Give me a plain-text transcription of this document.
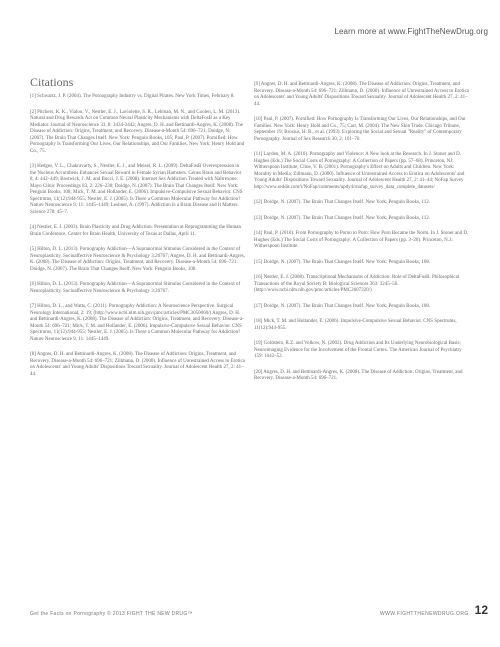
Learn more at www.FightTheNewDrug.org
Citations

[1] Schwartz, J. P. (2004). The Pornography Industry vs. Digital Pirates. New York Times, February 8.

[2] Pitchers, K. K., Vialou, V., Nestler, E. J., Laviolette, S. R., Lehman, M. N., and Coolen, L. M. (2013). Natural and Drug Rewards Act on Common Neural Plasticity Mechanisms with DeltaFosB as a Key Mediator. Journal of Neuroscience 33, 8: 3434-3442; Angres, D. H. and Bettinardi-Angres, K. (2008). The Disease of Addiction: Origins, Treatment, and Recovery. Disease-a-Month 54: 696–721; Doidge, N. (2007). The Brain That Changes Itself. New York: Penguin Books, 105; Paul, P. (2007). Pornified: How Pornography Is Transforming Our Lives, Our Relationships, and Our Families. New York: Henry Hold and Co., 75.

[3] Hedges, V. L., Chakravarty, S., Nestler, E. J., and Meisel, R. L. (2009). DeltaFosB Overexpression in the Nucleus Accumbens Enhances Sexual Reward in Female Syrian Hamsters. Genes Brain and Behavior 8, 4: 442–449; Bostwick, J. M. and Bucci, J. E. (2008). Internet Sex Addiction Treated with Naltrexone. Mayo Clinic Proceedings 83, 2: 226–230; Doidge, N. (2007). The Brain That Changes Itself. New York: Penguin Books, 108; Mick, T. M. and Hollander, E. (2006). Impulsive-Compulsive Sexual Behavior. CNS Spectrums, 11(12):944-955; Nestler, E. J. (2005). Is There a Common Molecular Pathway for Addiction? Nature Neuroscience 9, 11: 1445–1449; Leshner, A. (1997). Addiction Is a Brain Disease and It Matters. Science 278: 45–7.

[4] Nestler, E. J. (2003). Brain Plasticity and Drug Addiction. Presentation at Reprogramming the Human Brain Conference, Center for Brain Health, University of Texas at Dallas, April 11.

[5] Hilton, D. L. (2013). Pornography Addiction—A Supranormal Stimulus Considered in the Context of Neuroplasticity. Socioaffective Neuroscience & Psychology 3:20767; Angres, D. H. and Bettinardi-Angres, K. (2008). The Disease of Addiction: Origins, Treatment, and Recovery. Disease-a-Month 54: 696–721. Doidge, N. (2007). The Brain That Changes Itself. New York: Penguin Books, 108.

[6] Hilton, D. L. (2013). Pornography Addiction—A Supranormal Stimulus Considered in the Context of Neuroplasticity. Socioaffective Neuroscience & Psychology 3:20767.

[7] Hilton, D. L., and Watts, C. (2011). Pornography Addiction: A Neuroscience Perspective. Surgical Neurology International, 2: 19; (http://www.ncbi.nlm.nih.gov/pmc/articles/PMC3050060/) Angres, D. H. and Bettinardi-Angres, K. (2008). The Disease of Addiction: Origins, Treatment, and Recovery. Disease-a-Month 54: 696–721; Mick, T. M. and Hollander, E. (2006). Impulsive-Compulsive Sexual Behavior. CNS Spectrums, 11(12):944-955; Nestler, E. J. (2005). Is There a Common Molecular Pathway for Addiction? Nature Neuroscience 9, 11: 1445–1449.

[8] Angres, D. H. and Bettinardi-Angres, K. (2008). The Disease of Addiction: Origins, Treatment, and Recovery. Disease-a-Month 54: 696–721; Zillmann, D. (2000). Influence of Unrestrained Access to Erotica on Adolescents' and Young Adults' Dispositions Toward Sexuality. Journal of Adolescent Health 27, 2: 41–44.

[9] Angres, D. H. and Bettinardi-Angres, K. (2008). The Disease of Addiction: Origins, Treatment, and Recovery. Disease-a-Month 54: 696–721; Zillmann, D. (2000). Influence of Unrestrained Access to Erotica on Adolescents' and Young Adults' Dispositions Toward Sexuality. Journal of Adolescent Health 27, 2: 41–44.

[10] Paul, P. (2007). Pornified: How Pornography Is Transforming Our Lives, Our Relationships, and Our Families. New York: Henry Hold and Co., 75; Carr, M. (2004). The New Skin Trade. Chicago Tribune, September 19; Brosius, H. B., et al. (1993). Exploring the Social and Sexual "Reality" of Contemporary Pornography. Journal of Sex Research 30, 2: 161–70.

[11] Layden, M. A. (2010). Pornography and Violence: A New look at the Research. In J. Stoner and D. Hughes (Eds.) The Social Costs of Pornography: A Collection of Papers (pp. 57–68). Princeton, NJ: Witherspoon Institute; Cline, V. B. (2001). Pornography's Effect on Adults and Children. New York: Morality in Media; Zillmann, D. (2000). Influence of Unrestrained Access to Erotica on Adolescents' and Young Adults' Dispositions Toward Sexuality. Journal of Adolescent Health 27, 2: 41–44; NoFap Survey http://www.reddit.com/r/NoFap/comments/updy4/rnofap_survey_data_complete_datasets/

[12] Doidge, N. (2007). The Brain That Changes Itself. New York: Penguin Books, 112.

[13] Doidge, N. (2007). The Brain That Changes Itself. New York: Penguin Books, 112.

[14] Paul, P. (2010). From Pornography to Porno to Porn: How Porn Became the Norm. In J. Stoner and D. Hughes (Eds.) The Social Costs of Pornography: A Collection of Papers (pp. 3–20). Princeton, N.J.: Witherspoon Institute.

[15] Doidge, N. (2007). The Brain That Changes Itself. New York: Penguin Books, 108.

[16] Nestler, E. J. (2008). Transcriptional Mechanisms of Addiction: Role of DeltaFosB. Philosophical Transactions of the Royal Society B: Biological Sciences 363: 3245–56. (http://www.ncbi.nlm.nih.gov/pmc/articles/PMC2607320/)

[17] Doidge, N. (2007). The Brain That Changes Itself. New York: Penguin Books, 108.

[18] Mick, T. M. and Hollander, E. (2006). Impulsive-Compulsive Sexual Behavior. CNS Spectrums, 11(12):944-955.

[19] Goldstein, R.Z. and Volkow, N. (2002). Drug Addiction and Its Underlying Neurobiological Basis: Neuroimaging Evidence for the Involvement of the Frontal Cortex. The American Journal of Psychiatry 159: 1642–52.

[20] Angres, D. H. and Bettinardi-Angres, K. (2008). The Disease of Addiction: Origins, Treatment, and Recovery. Disease-a-Month 54: 696–721.

Get the Facts on Pornography © 2013 FIGHT THE NEW DRUG™	WWW.FIGHTTHENEWDRUG.ORG 12
